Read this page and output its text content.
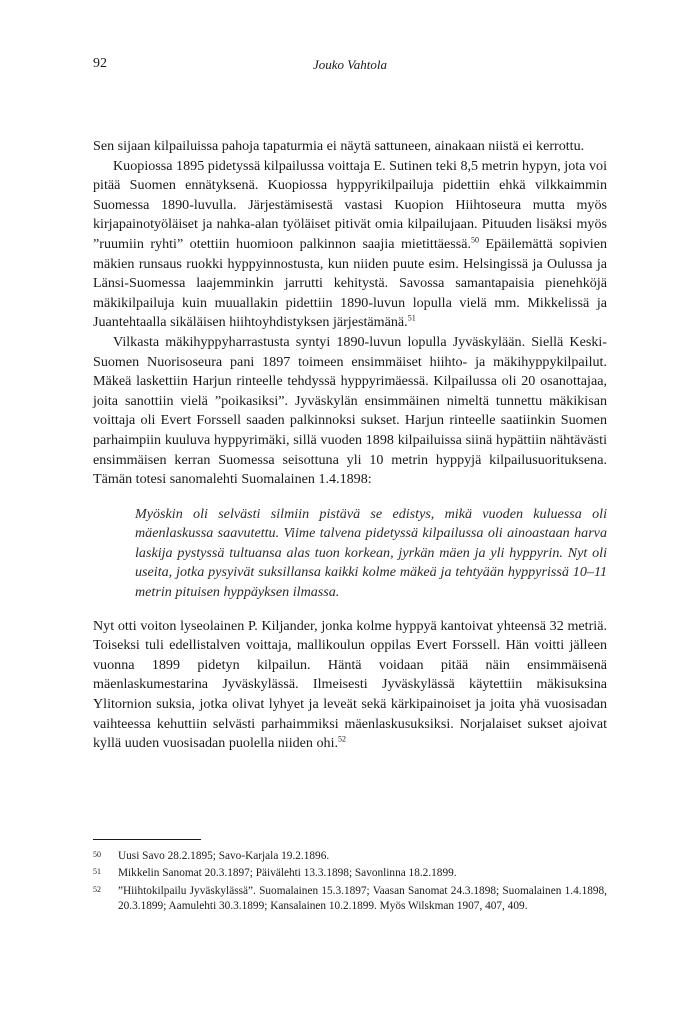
92	Jouko Vahtola

Sen sijaan kilpailuissa pahoja tapaturmia ei näytä sattuneen, ainakaan niistä ei kerrottu.

Kuopiossa 1895 pidetyssä kilpailussa voittaja E. Sutinen teki 8,5 metrin hypyn, jota voi pitää Suomen ennätyksenä. Kuopiossa hyppyrikilpailuja pidettiin ehkä vilkkaimmin Suomessa 1890-luvulla. Järjestämisestä vastasi Kuopion Hiihtoseura mutta myös kirjapainotyöläiset ja nahka-alan työläiset pitivät omia kilpailujaan. Pituuden lisäksi myös ”ruumiin ryhti” otettiin huomioon palkinnon saajia mietittäessä.$^{50}$ Epäilemättä sopivien mäkien runsaus ruokki hyppyinnostusta, kun niiden puute esim. Helsingissä ja Oulussa ja Länsi-Suomessa laajemminkin jarrutti kehitystä. Savossa samantapaisia pienehköjä mäkikilpailuja kuin muuallakin pidettiin 1890-luvun lopulla vielä mm. Mikkelissä ja Juantehtaalla sikäläisen hiihtoyhdistyksen järjestämänä.$^{51}$

Vilkasta mäkihyppyharrastusta syntyi 1890-luvun lopulla Jyväskylään. Siellä Keski-Suomen Nuorisoseura pani 1897 toimeen ensimmäiset hiihto- ja mäkihyppykilpailut. Mäkeä laskettiin Harjun rinteelle tehdyssä hyppyrimäessä. Kilpailussa oli 20 osanottajaa, joita sanottiin vielä ”poikasiksi”. Jyväskylän ensimmäinen nimeltä tunnettu mäkikisan voittaja oli Evert Forssell saaden palkinnoksi sukset. Harjun rinteelle saatiinkin Suomen parhaimpiin kuuluva hyppyrimäki, sillä vuoden 1898 kilpailuissa siinä hypättiin nähtävästi ensimmäisen kerran Suomessa seisottuna yli 10 metrin hyppyjä kilpailusuorituksena. Tämän totesi sanomalehti Suomalainen 1.4.1898:

Myöskin oli selvästi silmiin pistävä se edistys, mikä vuoden kuluessa oli mäenlaskussa saavutettu. Viime talvena pidetyssä kilpailussa oli ainoastaan harva laskija pystyssä tultuansa alas tuon korkean, jyrkän mäen ja yli hyppyrin. Nyt oli useita, jotka pysyivät suksillansa kaikki kolme mäkeä ja tehtyään hyppyrissä 10–11 metrin pituisen hyppäyksen ilmassa.

Nyt otti voiton lyseolainen P. Kiljander, jonka kolme hyppyä kantoivat yhteensä 32 metriä. Toiseksi tuli edellistalven voittaja, mallikoulun oppilas Evert Forssell. Hän voitti jälleen vuonna 1899 pidetyn kilpailun. Häntä voidaan pitää näin ensimmäisenä mäenlaskumestarina Jyväskylässä. Ilmeisesti Jyväskylässä käytettiin mäkisuksina Ylitornion suksia, jotka olivat lyhyet ja leveät sekä kärkipainoiset ja joita yhä vuosisadan vaihteessa kehuttiin selvästi parhaimmiksi mäenlaskusuksiksi. Norjalaiset sukset ajoivat kyllä uuden vuosisadan puolella niiden ohi.$^{52}$

50 Uusi Savo 28.2.1895; Savo-Karjala 19.2.1896.
51 Mikkelin Sanomat 20.3.1897; Päivälehti 13.3.1898; Savonlinna 18.2.1899.
52 ”Hiihtokilpailu Jyväskylässä”. Suomalainen 15.3.1897; Vaasan Sanomat 24.3.1898; Suomalainen 1.4.1898, 20.3.1899; Aamulehti 30.3.1899; Kansalainen 10.2.1899. Myös Wilskman 1907, 407, 409.
